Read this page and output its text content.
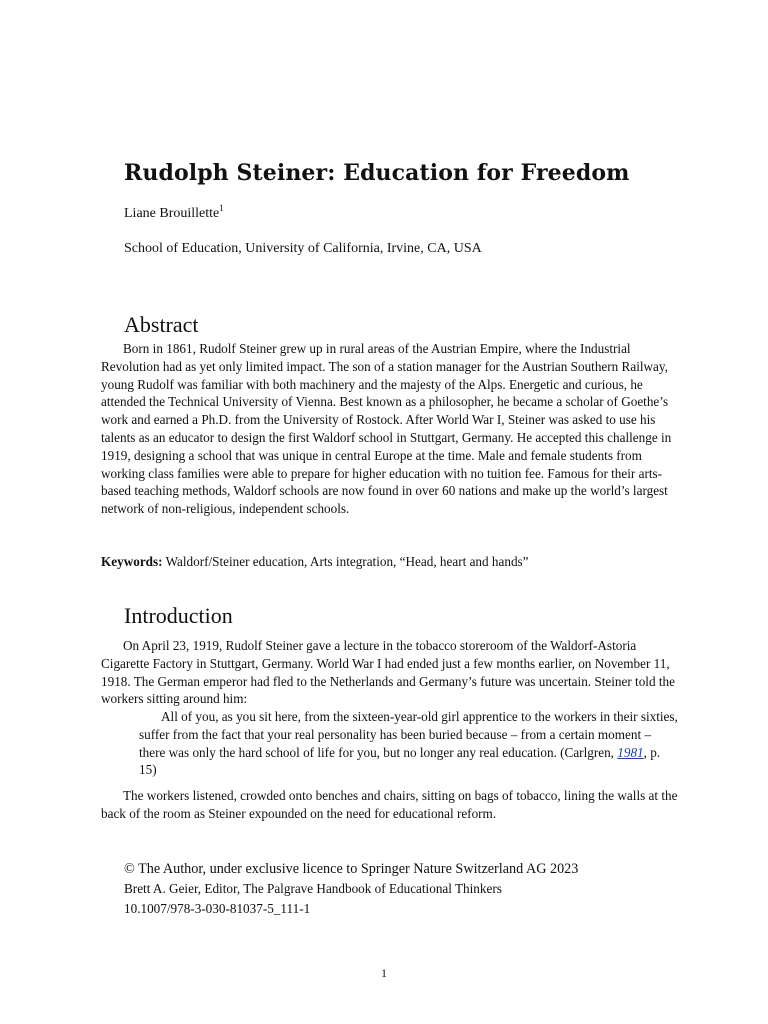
Rudolph Steiner: Education for Freedom
Liane Brouillette$^1$
School of Education, University of California, Irvine, CA, USA
Abstract

Born in 1861, Rudolf Steiner grew up in rural areas of the Austrian Empire, where the Industrial Revolution had as yet only limited impact. The son of a station manager for the Austrian Southern Railway, young Rudolf was familiar with both machinery and the majesty of the Alps. Energetic and curious, he attended the Technical University of Vienna. Best known as a philosopher, he became a scholar of Goethe’s work and earned a Ph.D. from the University of Rostock. After World War I, Steiner was asked to use his talents as an educator to design the first Waldorf school in Stuttgart, Germany. He accepted this challenge in 1919, designing a school that was unique in central Europe at the time. Male and female students from working class families were able to prepare for higher education with no tuition fee. Famous for their arts-based teaching methods, Waldorf schools are now found in over 60 nations and make up the world’s largest network of non-religious, independent schools.

Keywords: Waldorf/Steiner education, Arts integration, “Head, heart and hands”

Introduction

On April 23, 1919, Rudolf Steiner gave a lecture in the tobacco storeroom of the Waldorf-Astoria Cigarette Factory in Stuttgart, Germany. World War I had ended just a few months earlier, on November 11, 1918. The German emperor had fled to the Netherlands and Germany’s future was uncertain. Steiner told the workers sitting around him:

All of you, as you sit here, from the sixteen-year-old girl apprentice to the workers in their sixties, suffer from the fact that your real personality has been buried because – from a certain moment – there was only the hard school of life for you, but no longer any real education. (Carlgren, 1981, p. 15)

The workers listened, crowded onto benches and chairs, sitting on bags of tobacco, lining the walls at the back of the room as Steiner expounded on the need for educational reform.

© The Author, under exclusive licence to Springer Nature Switzerland AG 2023
Brett A. Geier, Editor, The Palgrave Handbook of Educational Thinkers
10.1007/978-3-030-81037-5_111-1
1
